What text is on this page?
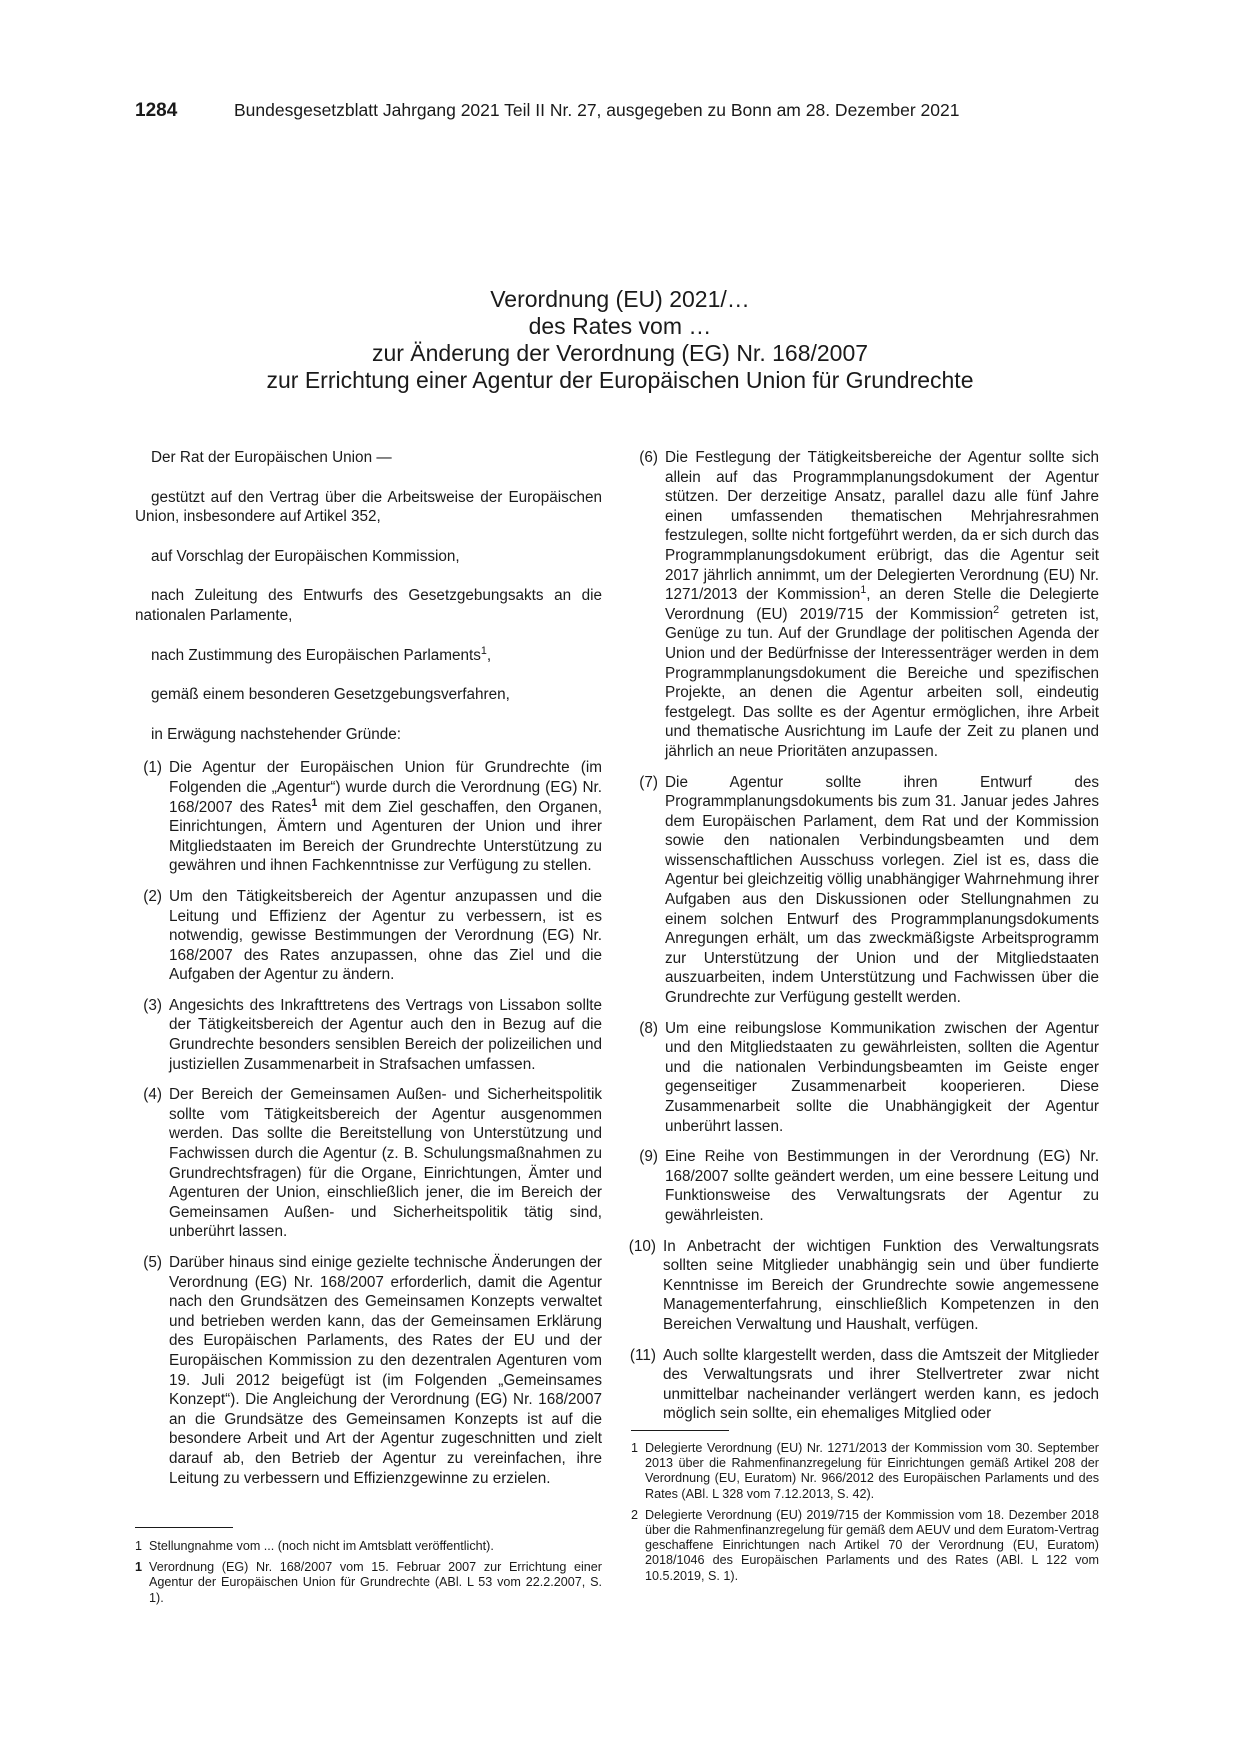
1284	Bundesgesetzblatt Jahrgang 2021 Teil II Nr. 27, ausgegeben zu Bonn am 28. Dezember 2021
Verordnung (EU) 2021/…
des Rates vom …
zur Änderung der Verordnung (EG) Nr. 168/2007
zur Errichtung einer Agentur der Europäischen Union für Grundrechte

Der Rat der Europäischen Union —

gestützt auf den Vertrag über die Arbeitsweise der Europäischen Union, insbesondere auf Artikel 352,

auf Vorschlag der Europäischen Kommission,

nach Zuleitung des Entwurfs des Gesetzgebungsakts an die nationalen Parlamente,

nach Zustimmung des Europäischen Parlaments$^1$,

gemäß einem besonderen Gesetzgebungsverfahren,

in Erwägung nachstehender Gründe:

(1) Die Agentur der Europäischen Union für Grundrechte (im Folgenden die „Agentur“) wurde durch die Verordnung (EG) Nr. 168/2007 des Rates$^1$ mit dem Ziel geschaffen, den Organen, Einrichtungen, Ämtern und Agenturen der Union und ihrer Mitgliedstaaten im Bereich der Grundrechte Unterstützung zu gewähren und ihnen Fachkenntnisse zur Verfügung zu stellen.
(2) Um den Tätigkeitsbereich der Agentur anzupassen und die Leitung und Effizienz der Agentur zu verbessern, ist es notwendig, gewisse Bestimmungen der Verordnung (EG) Nr. 168/2007 des Rates anzupassen, ohne das Ziel und die Aufgaben der Agentur zu ändern.
(3) Angesichts des Inkrafttretens des Vertrags von Lissabon sollte der Tätigkeitsbereich der Agentur auch den in Bezug auf die Grundrechte besonders sensiblen Bereich der polizeilichen und justiziellen Zusammenarbeit in Strafsachen umfassen.
(4) Der Bereich der Gemeinsamen Außen- und Sicherheitspolitik sollte vom Tätigkeitsbereich der Agentur ausgenommen werden. Das sollte die Bereitstellung von Unterstützung und Fachwissen durch die Agentur (z. B. Schulungsmaßnahmen zu Grundrechtsfragen) für die Organe, Einrichtungen, Ämter und Agenturen der Union, einschließlich jener, die im Bereich der Gemeinsamen Außen- und Sicherheitspolitik tätig sind, unberührt lassen.
(5) Darüber hinaus sind einige gezielte technische Änderungen der Verordnung (EG) Nr. 168/2007 erforderlich, damit die Agentur nach den Grundsätzen des Gemeinsamen Konzepts verwaltet und betrieben werden kann, das der Gemeinsamen Erklärung des Europäischen Parlaments, des Rates der EU und der Europäischen Kommission zu den dezentralen Agenturen vom 19. Juli 2012 beigefügt ist (im Folgenden „Gemeinsames Konzept“). Die Angleichung der Verordnung (EG) Nr. 168/2007 an die Grundsätze des Gemeinsamen Konzepts ist auf die besondere Arbeit und Art der Agentur zugeschnitten und zielt darauf ab, den Betrieb der Agentur zu vereinfachen, ihre Leitung zu verbessern und Effizienzgewinne zu erzielen.
(6) Die Festlegung der Tätigkeitsbereiche der Agentur sollte sich allein auf das Programmplanungsdokument der Agentur stützen. Der derzeitige Ansatz, parallel dazu alle fünf Jahre einen umfassenden thematischen Mehrjahresrahmen festzulegen, sollte nicht fortgeführt werden, da er sich durch das Programmplanungsdokument erübrigt, das die Agentur seit 2017 jährlich annimmt, um der Delegierten Verordnung (EU) Nr. 1271/2013 der Kommission$^1$, an deren Stelle die Delegierte Verordnung (EU) 2019/715 der Kommission$^2$ getreten ist, Genüge zu tun. Auf der Grundlage der politischen Agenda der Union und der Bedürfnisse der Interessenträger werden in dem Programmplanungsdokument die Bereiche und spezifischen Projekte, an denen die Agentur arbeiten soll, eindeutig festgelegt. Das sollte es der Agentur ermöglichen, ihre Arbeit und thematische Ausrichtung im Laufe der Zeit zu planen und jährlich an neue Prioritäten anzupassen.
(7) Die Agentur sollte ihren Entwurf des Programmplanungsdokuments bis zum 31. Januar jedes Jahres dem Europäischen Parlament, dem Rat und der Kommission sowie den nationalen Verbindungsbeamten und dem wissenschaftlichen Ausschuss vorlegen. Ziel ist es, dass die Agentur bei gleichzeitig völlig unabhängiger Wahrnehmung ihrer Aufgaben aus den Diskussionen oder Stellungnahmen zu einem solchen Entwurf des Programmplanungsdokuments Anregungen erhält, um das zweckmäßigste Arbeitsprogramm zur Unterstützung der Union und der Mitgliedstaaten auszuarbeiten, indem Unterstützung und Fachwissen über die Grundrechte zur Verfügung gestellt werden.
(8) Um eine reibungslose Kommunikation zwischen der Agentur und den Mitgliedstaaten zu gewährleisten, sollten die Agentur und die nationalen Verbindungsbeamten im Geiste enger gegenseitiger Zusammenarbeit kooperieren. Diese Zusammenarbeit sollte die Unabhängigkeit der Agentur unberührt lassen.
(9) Eine Reihe von Bestimmungen in der Verordnung (EG) Nr. 168/2007 sollte geändert werden, um eine bessere Leitung und Funktionsweise des Verwaltungsrats der Agentur zu gewährleisten.
(10) In Anbetracht der wichtigen Funktion des Verwaltungsrats sollten seine Mitglieder unabhängig sein und über fundierte Kenntnisse im Bereich der Grundrechte sowie angemessene Managementerfahrung, einschließlich Kompetenzen in den Bereichen Verwaltung und Haushalt, verfügen.
(11) Auch sollte klargestellt werden, dass die Amtszeit der Mitglieder des Verwaltungsrats und ihrer Stellvertreter zwar nicht unmittelbar nacheinander verlängert werden kann, es jedoch möglich sein sollte, ein ehemaliges Mitglied oder
1 Stellungnahme vom ... (noch nicht im Amtsblatt veröffentlicht).
1 Verordnung (EG) Nr. 168/2007 vom 15. Februar 2007 zur Errichtung einer Agentur der Europäischen Union für Grundrechte (ABl. L 53 vom 22.2.2007, S. 1).
1 Delegierte Verordnung (EU) Nr. 1271/2013 der Kommission vom 30. September 2013 über die Rahmenfinanzregelung für Einrichtungen gemäß Artikel 208 der Verordnung (EU, Euratom) Nr. 966/2012 des Europäischen Parlaments und des Rates (ABl. L 328 vom 7.12.2013, S. 42).
2 Delegierte Verordnung (EU) 2019/715 der Kommission vom 18. Dezember 2018 über die Rahmenfinanzregelung für gemäß dem AEUV und dem Euratom-Vertrag geschaffene Einrichtungen nach Artikel 70 der Verordnung (EU, Euratom) 2018/1046 des Europäischen Parlaments und des Rates (ABl. L 122 vom 10.5.2019, S. 1).
